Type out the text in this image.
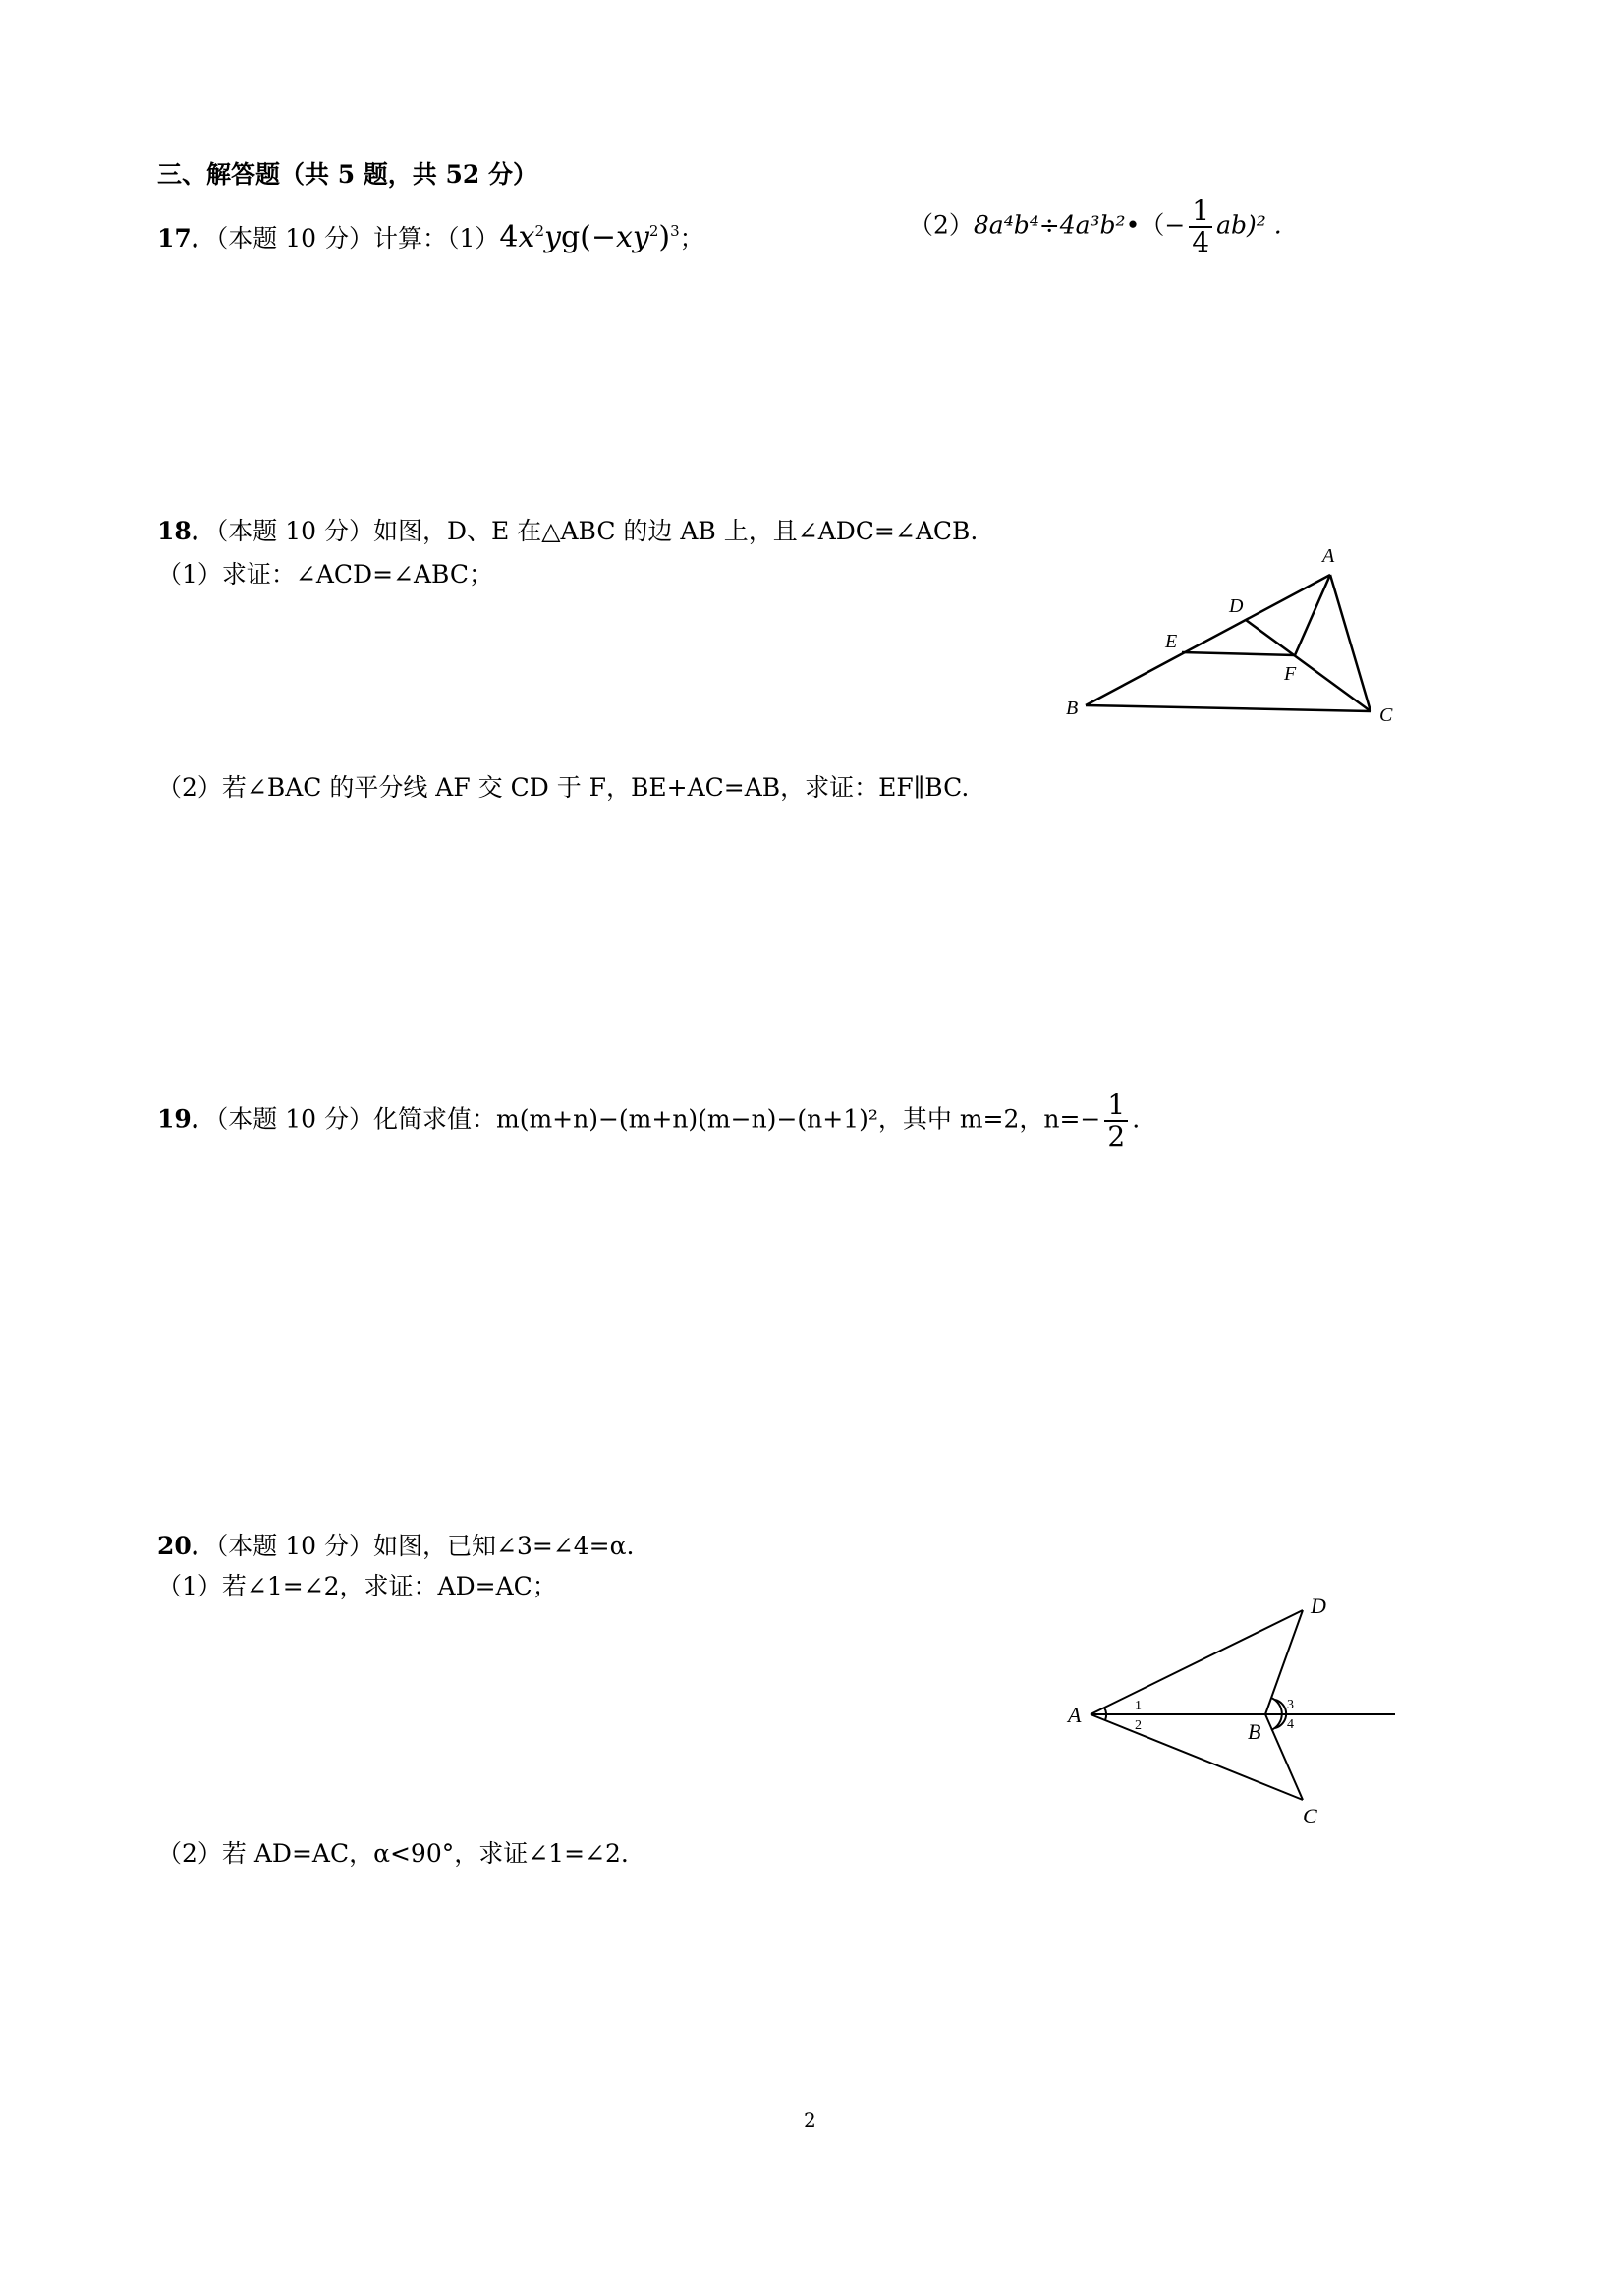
三、解答题（共 5 题，共 52 分）
17．（本题 10 分）计算：$(1)4x^2yg(-xy^2)^3$；	（2）8a⁴b⁴÷4a³b²•（− $\frac{1}{4} ab)^2$ .
18．（本题 10 分）如图，D、E 在△ABC 的边 AB 上，且∠ADC=∠ACB.
（1）求证：∠ACD=∠ABC；
（2）若∠BAC 的平分线 AF 交 CD 于 F，BE+AC=AB，求证：EF∥BC.
A
B	C
D
E
F
19．（本题 10 分）化简求值：m(m+n)−(m+n)(m−n)−(n+1)²，其中 m=2，$n=- \frac{1}{2}$ .
20．（本题 10 分）如图，已知∠3=∠4=α.
（1）若∠1=∠2，求证：AD=AC；
（2）若 AD=AC，α<90°，求证∠1=∠2.
1
2
3
4
A
B
C
D
2
